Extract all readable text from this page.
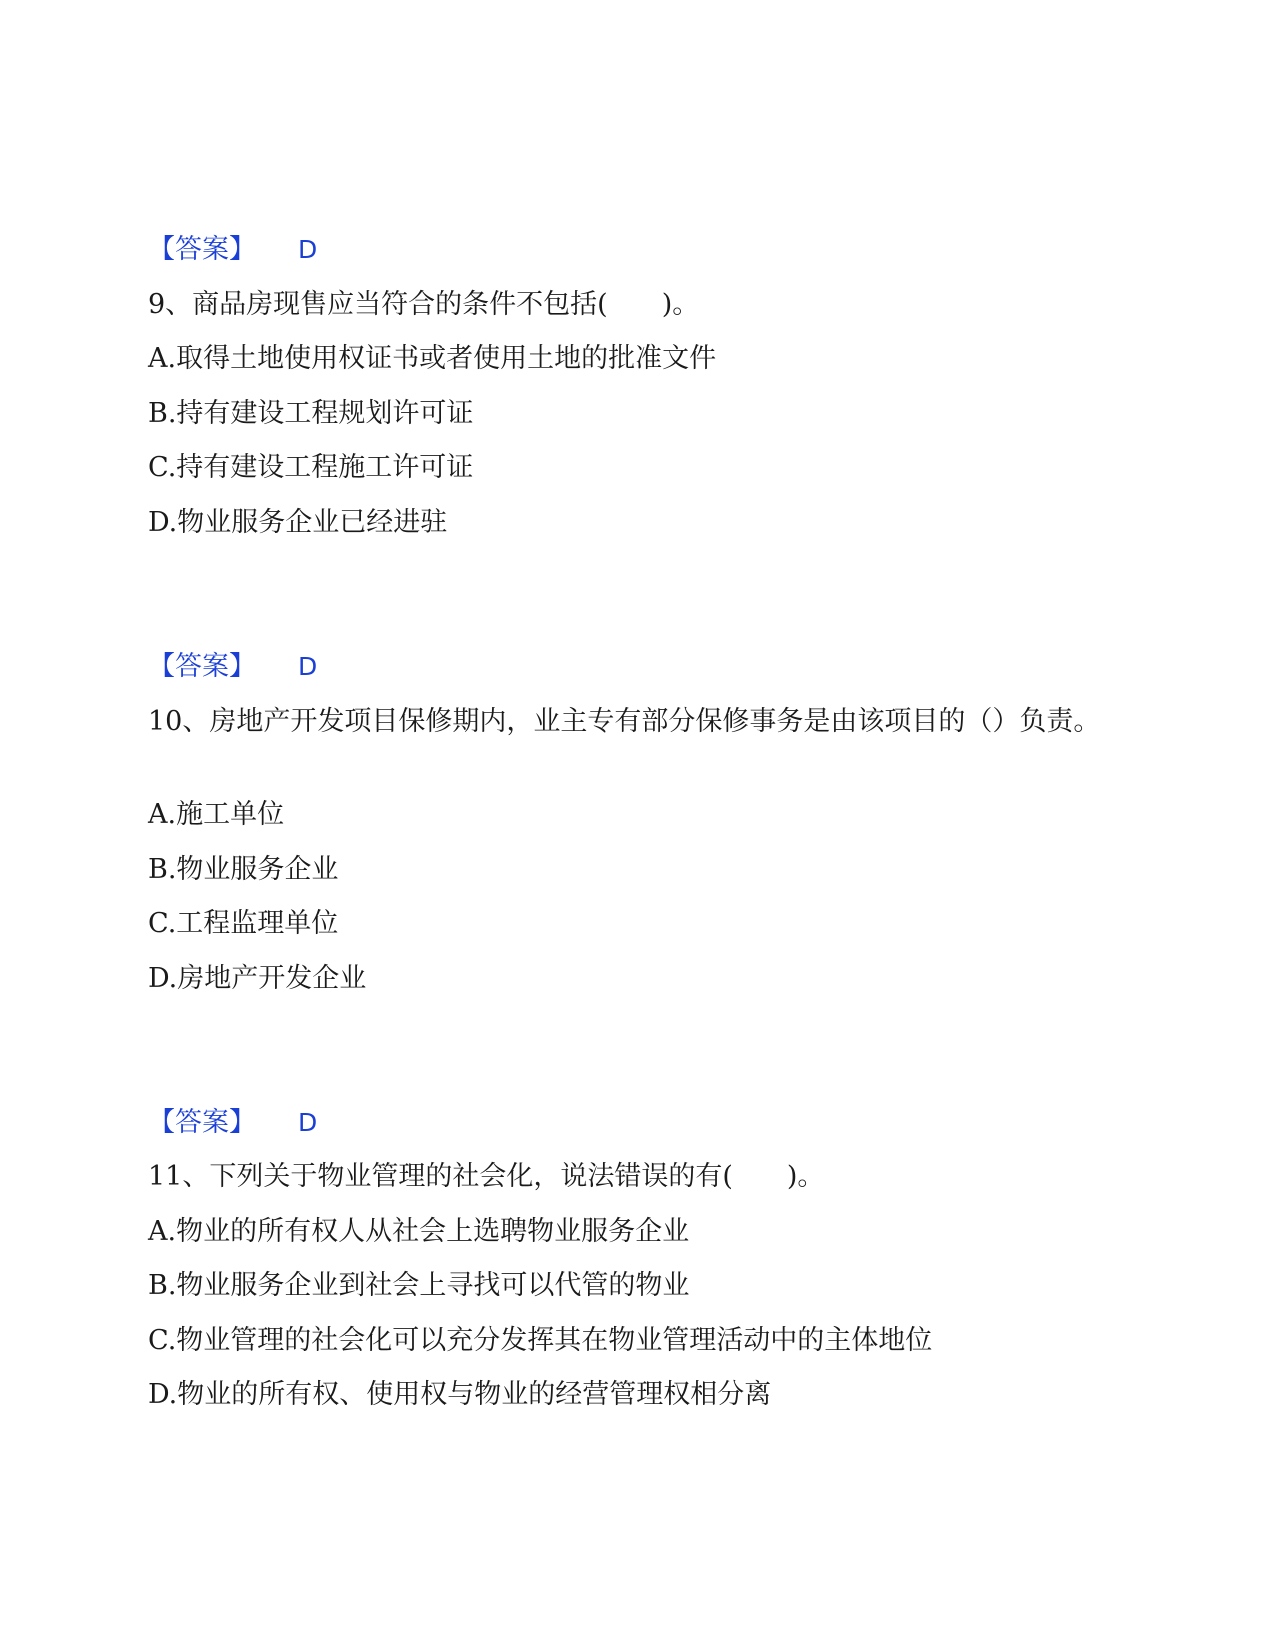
【答案】 D
9、商品房现售应当符合的条件不包括(　　)。
A.取得土地使用权证书或者使用土地的批准文件
B.持有建设工程规划许可证
C.持有建设工程施工许可证
D.物业服务企业已经进驻
【答案】 D
10、房地产开发项目保修期内，业主专有部分保修事务是由该项目的（）负责。
A.施工单位
B.物业服务企业
C.工程监理单位
D.房地产开发企业
【答案】 D
11、下列关于物业管理的社会化，说法错误的有(　　)。
A.物业的所有权人从社会上选聘物业服务企业
B.物业服务企业到社会上寻找可以代管的物业
C.物业管理的社会化可以充分发挥其在物业管理活动中的主体地位
D.物业的所有权、使用权与物业的经营管理权相分离
